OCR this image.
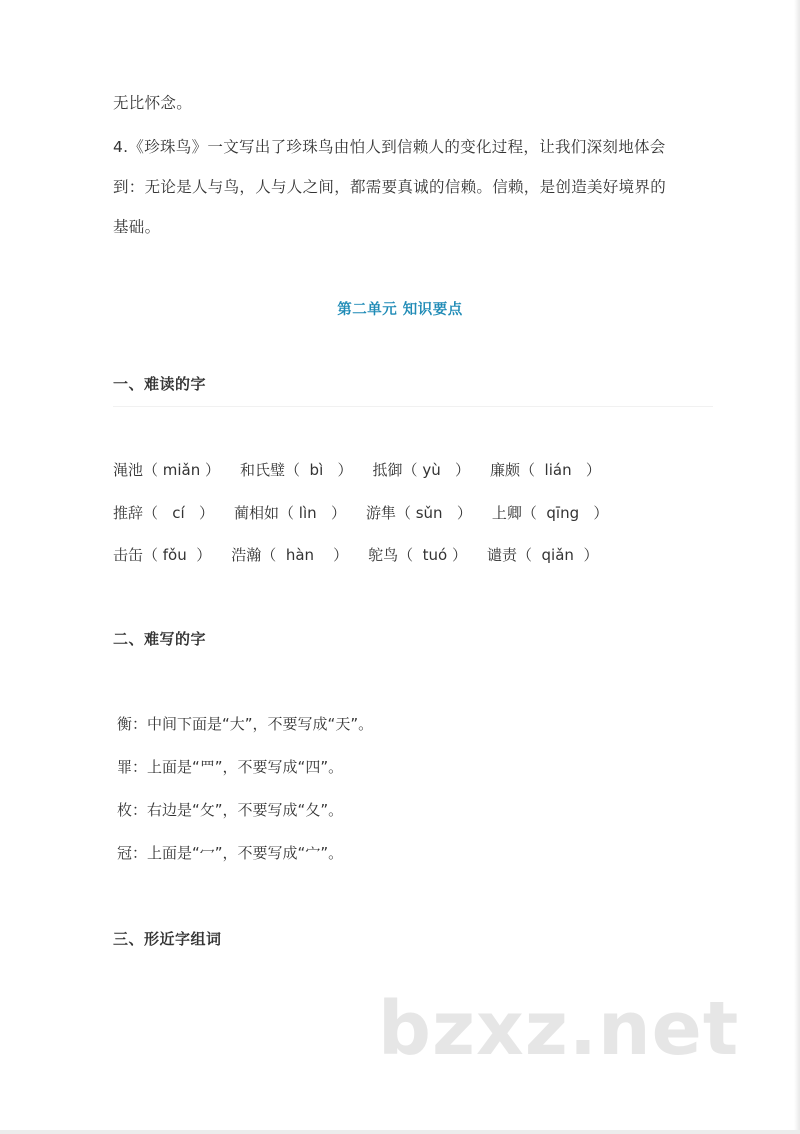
无比怀念。

4.《珍珠鸟》一文写出了珍珠鸟由怕人到信赖人的变化过程，让我们深刻地体会到：无论是人与鸟，人与人之间，都需要真诚的信赖。信赖，是创造美好境界的基础。

第二单元 知识要点
一、难读的字
渑池（ miǎn ） 和氏璧（  bì   ） 抵御（ yù   ） 廉颇（  lián   ）
推辞（   cí   ） 蔺相如（ lìn   ） 游隼（ sǔn   ） 上卿（  qīng   ）
击缶（ fǒu  ） 浩瀚（  hàn    ） 鸵鸟（  tuó ） 谴责（  qiǎn  ）
二、难写的字
衡：中间下面是“大”，不要写成“天”。
罪：上面是“罒”，不要写成“四”。
枚：右边是“攵”，不要写成“夂”。
冠：上面是“冖”，不要写成“宀”。
三、形近字组词
bzxz.net
